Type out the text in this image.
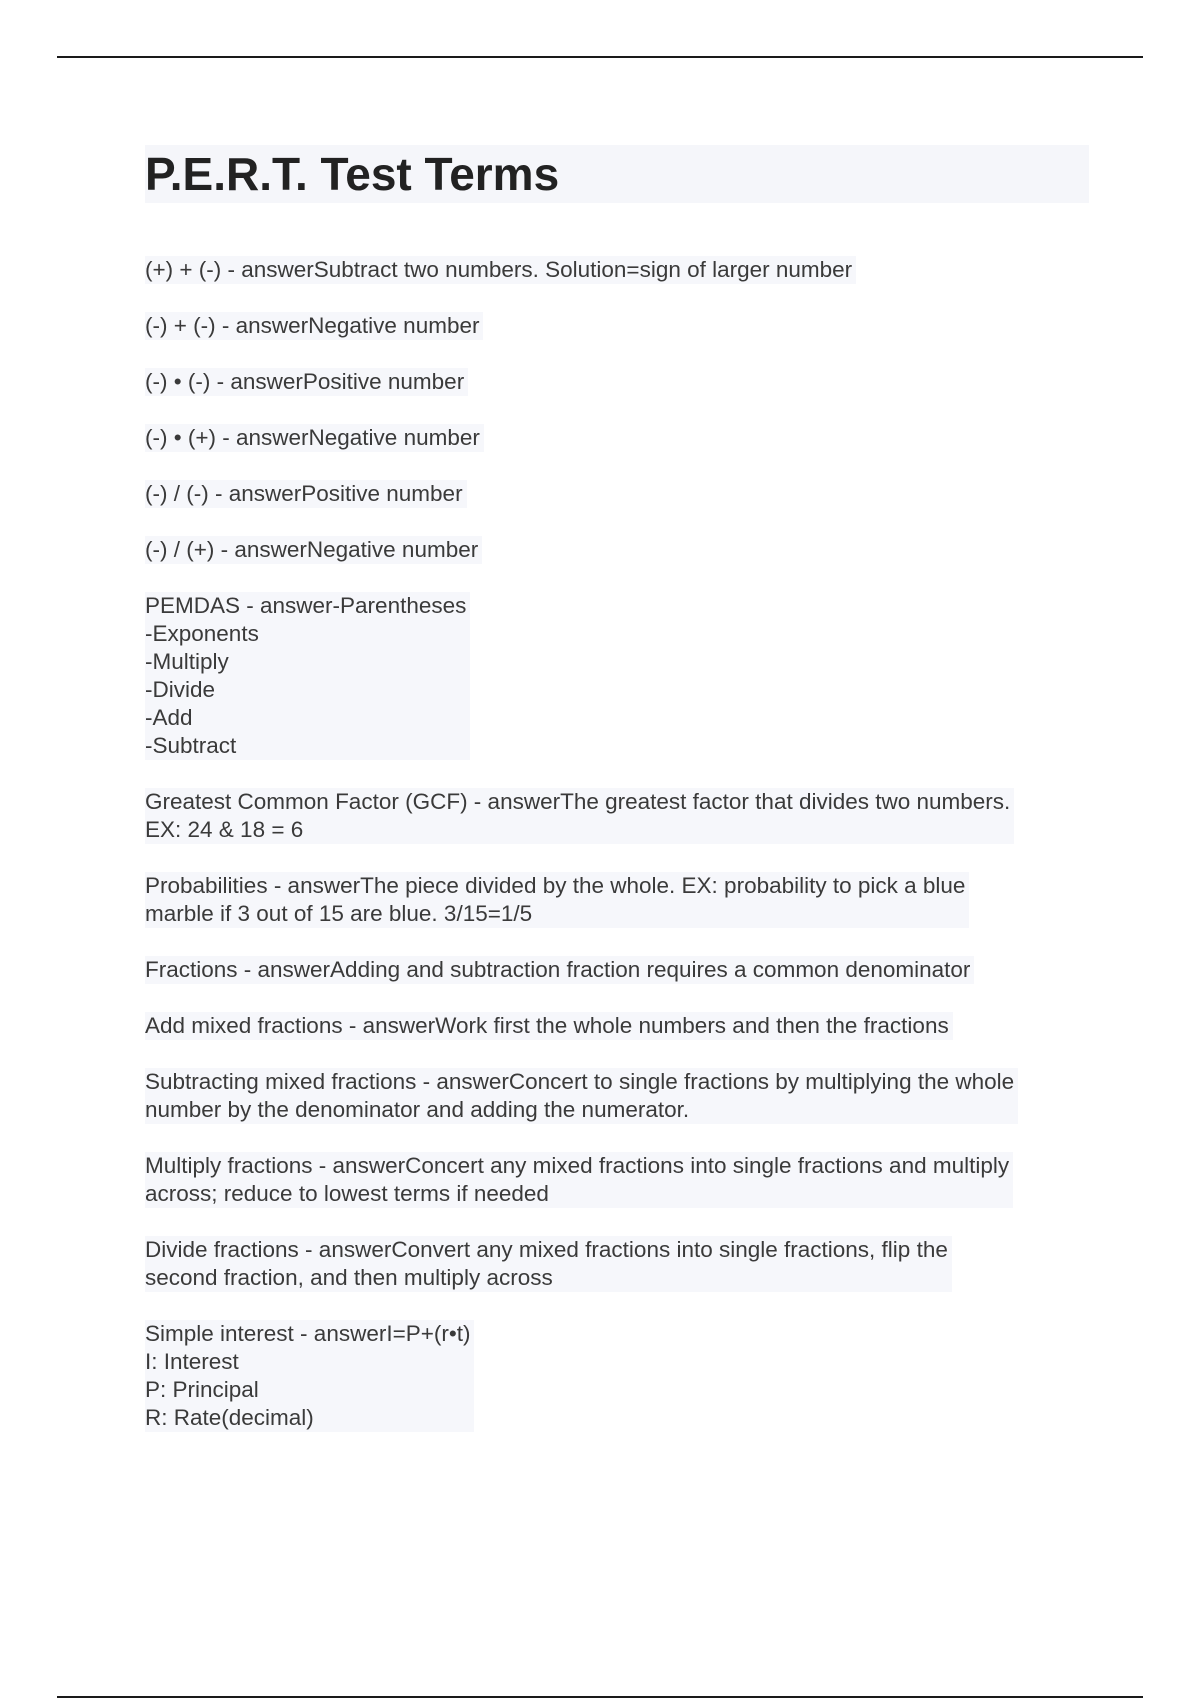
P.E.R.T. Test Terms

(+) + (-) - answerSubtract two numbers. Solution=sign of larger number

(-) + (-) - answerNegative number

(-) • (-) - answerPositive number

(-) • (+) - answerNegative number

(-) / (-) - answerPositive number

(-) / (+) - answerNegative number

PEMDAS - answer-Parentheses
-Exponents
-Multiply
-Divide
-Add
-Subtract

Greatest Common Factor (GCF) - answerThe greatest factor that divides two numbers.
EX: 24 & 18 = 6

Probabilities - answerThe piece divided by the whole. EX: probability to pick a blue
marble if 3 out of 15 are blue. 3/15=1/5

Fractions - answerAdding and subtraction fraction requires a common denominator

Add mixed fractions - answerWork first the whole numbers and then the fractions

Subtracting mixed fractions - answerConcert to single fractions by multiplying the whole
number by the denominator and adding the numerator.

Multiply fractions - answerConcert any mixed fractions into single fractions and multiply
across; reduce to lowest terms if needed

Divide fractions - answerConvert any mixed fractions into single fractions, flip the
second fraction, and then multiply across

Simple interest - answerI=P+(r•t)
I: Interest
P: Principal
R: Rate(decimal)
